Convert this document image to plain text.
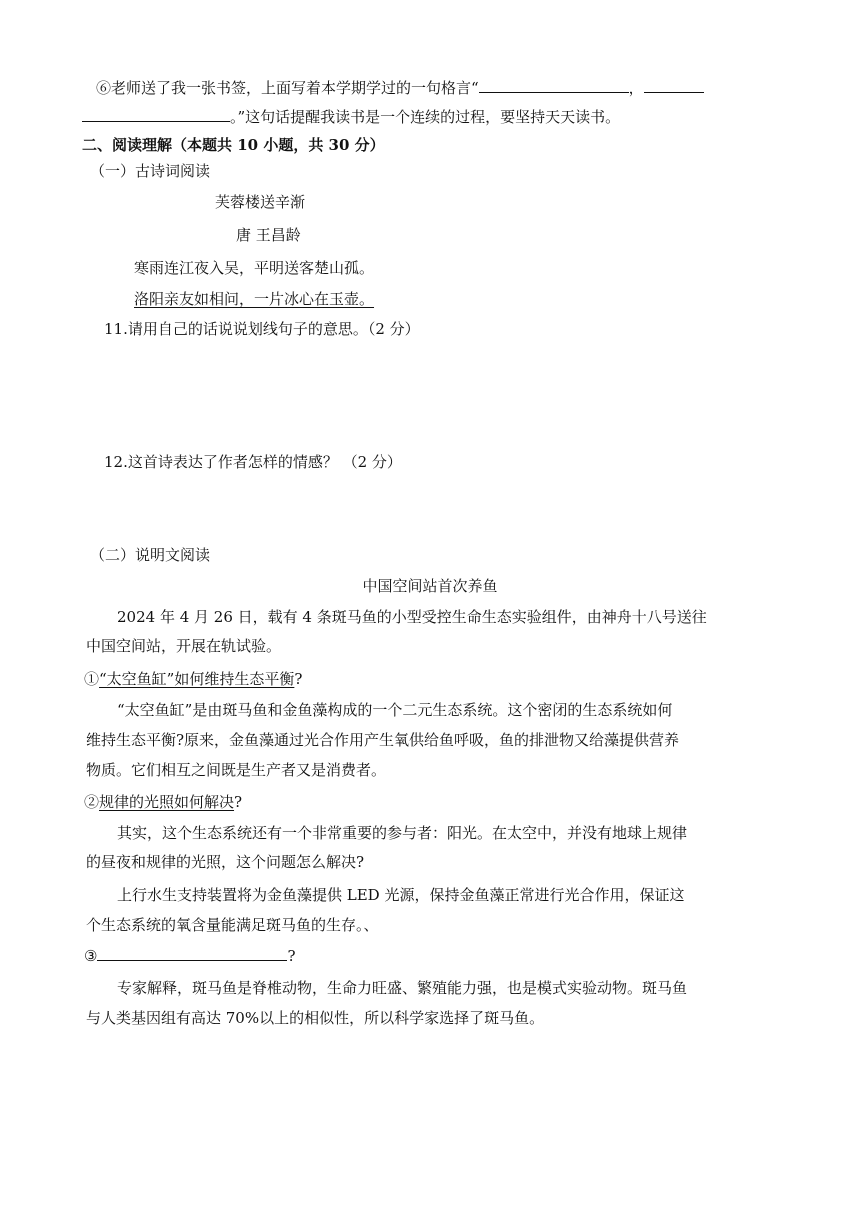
⑥老师送了我一张书签，上面写着本学期学过的一句格言“	，
。”这句话提醒我读书是一个连续的过程，要坚持天天读书。
二、阅读理解（本题共 10 小题，共 30 分）
（一）古诗词阅读
芙蓉楼送辛渐
唐 王昌龄
寒雨连江夜入吴，平明送客楚山孤。
洛阳亲友如相问，一片冰心在玉壶。
11.请用自己的话说说划线句子的意思。（2 分）
12.这首诗表达了作者怎样的情感？ （2 分）
（二）说明文阅读
中国空间站首次养鱼
2024 年 4 月 26 日，载有 4 条斑马鱼的小型受控生命生态实验组件，由神舟十八号送往
中国空间站，开展在轨试验。
①“太空鱼缸”如何维持生态平衡?
“太空鱼缸”是由斑马鱼和金鱼藻构成的一个二元生态系统。这个密闭的生态系统如何
维持生态平衡?原来，金鱼藻通过光合作用产生氧供给鱼呼吸，鱼的排泄物又给藻提供营养
物质。它们相互之间既是生产者又是消费者。
②规律的光照如何解决?
其实，这个生态系统还有一个非常重要的参与者：阳光。在太空中，并没有地球上规律
的昼夜和规律的光照，这个问题怎么解决?
上行水生支持装置将为金鱼藻提供 LED 光源，保持金鱼藻正常进行光合作用，保证这
个生态系统的氧含量能满足斑马鱼的生存。、
③	?
专家解释，斑马鱼是脊椎动物，生命力旺盛、繁殖能力强，也是模式实验动物。斑马鱼
与人类基因组有高达 70%以上的相似性，所以科学家选择了斑马鱼。
